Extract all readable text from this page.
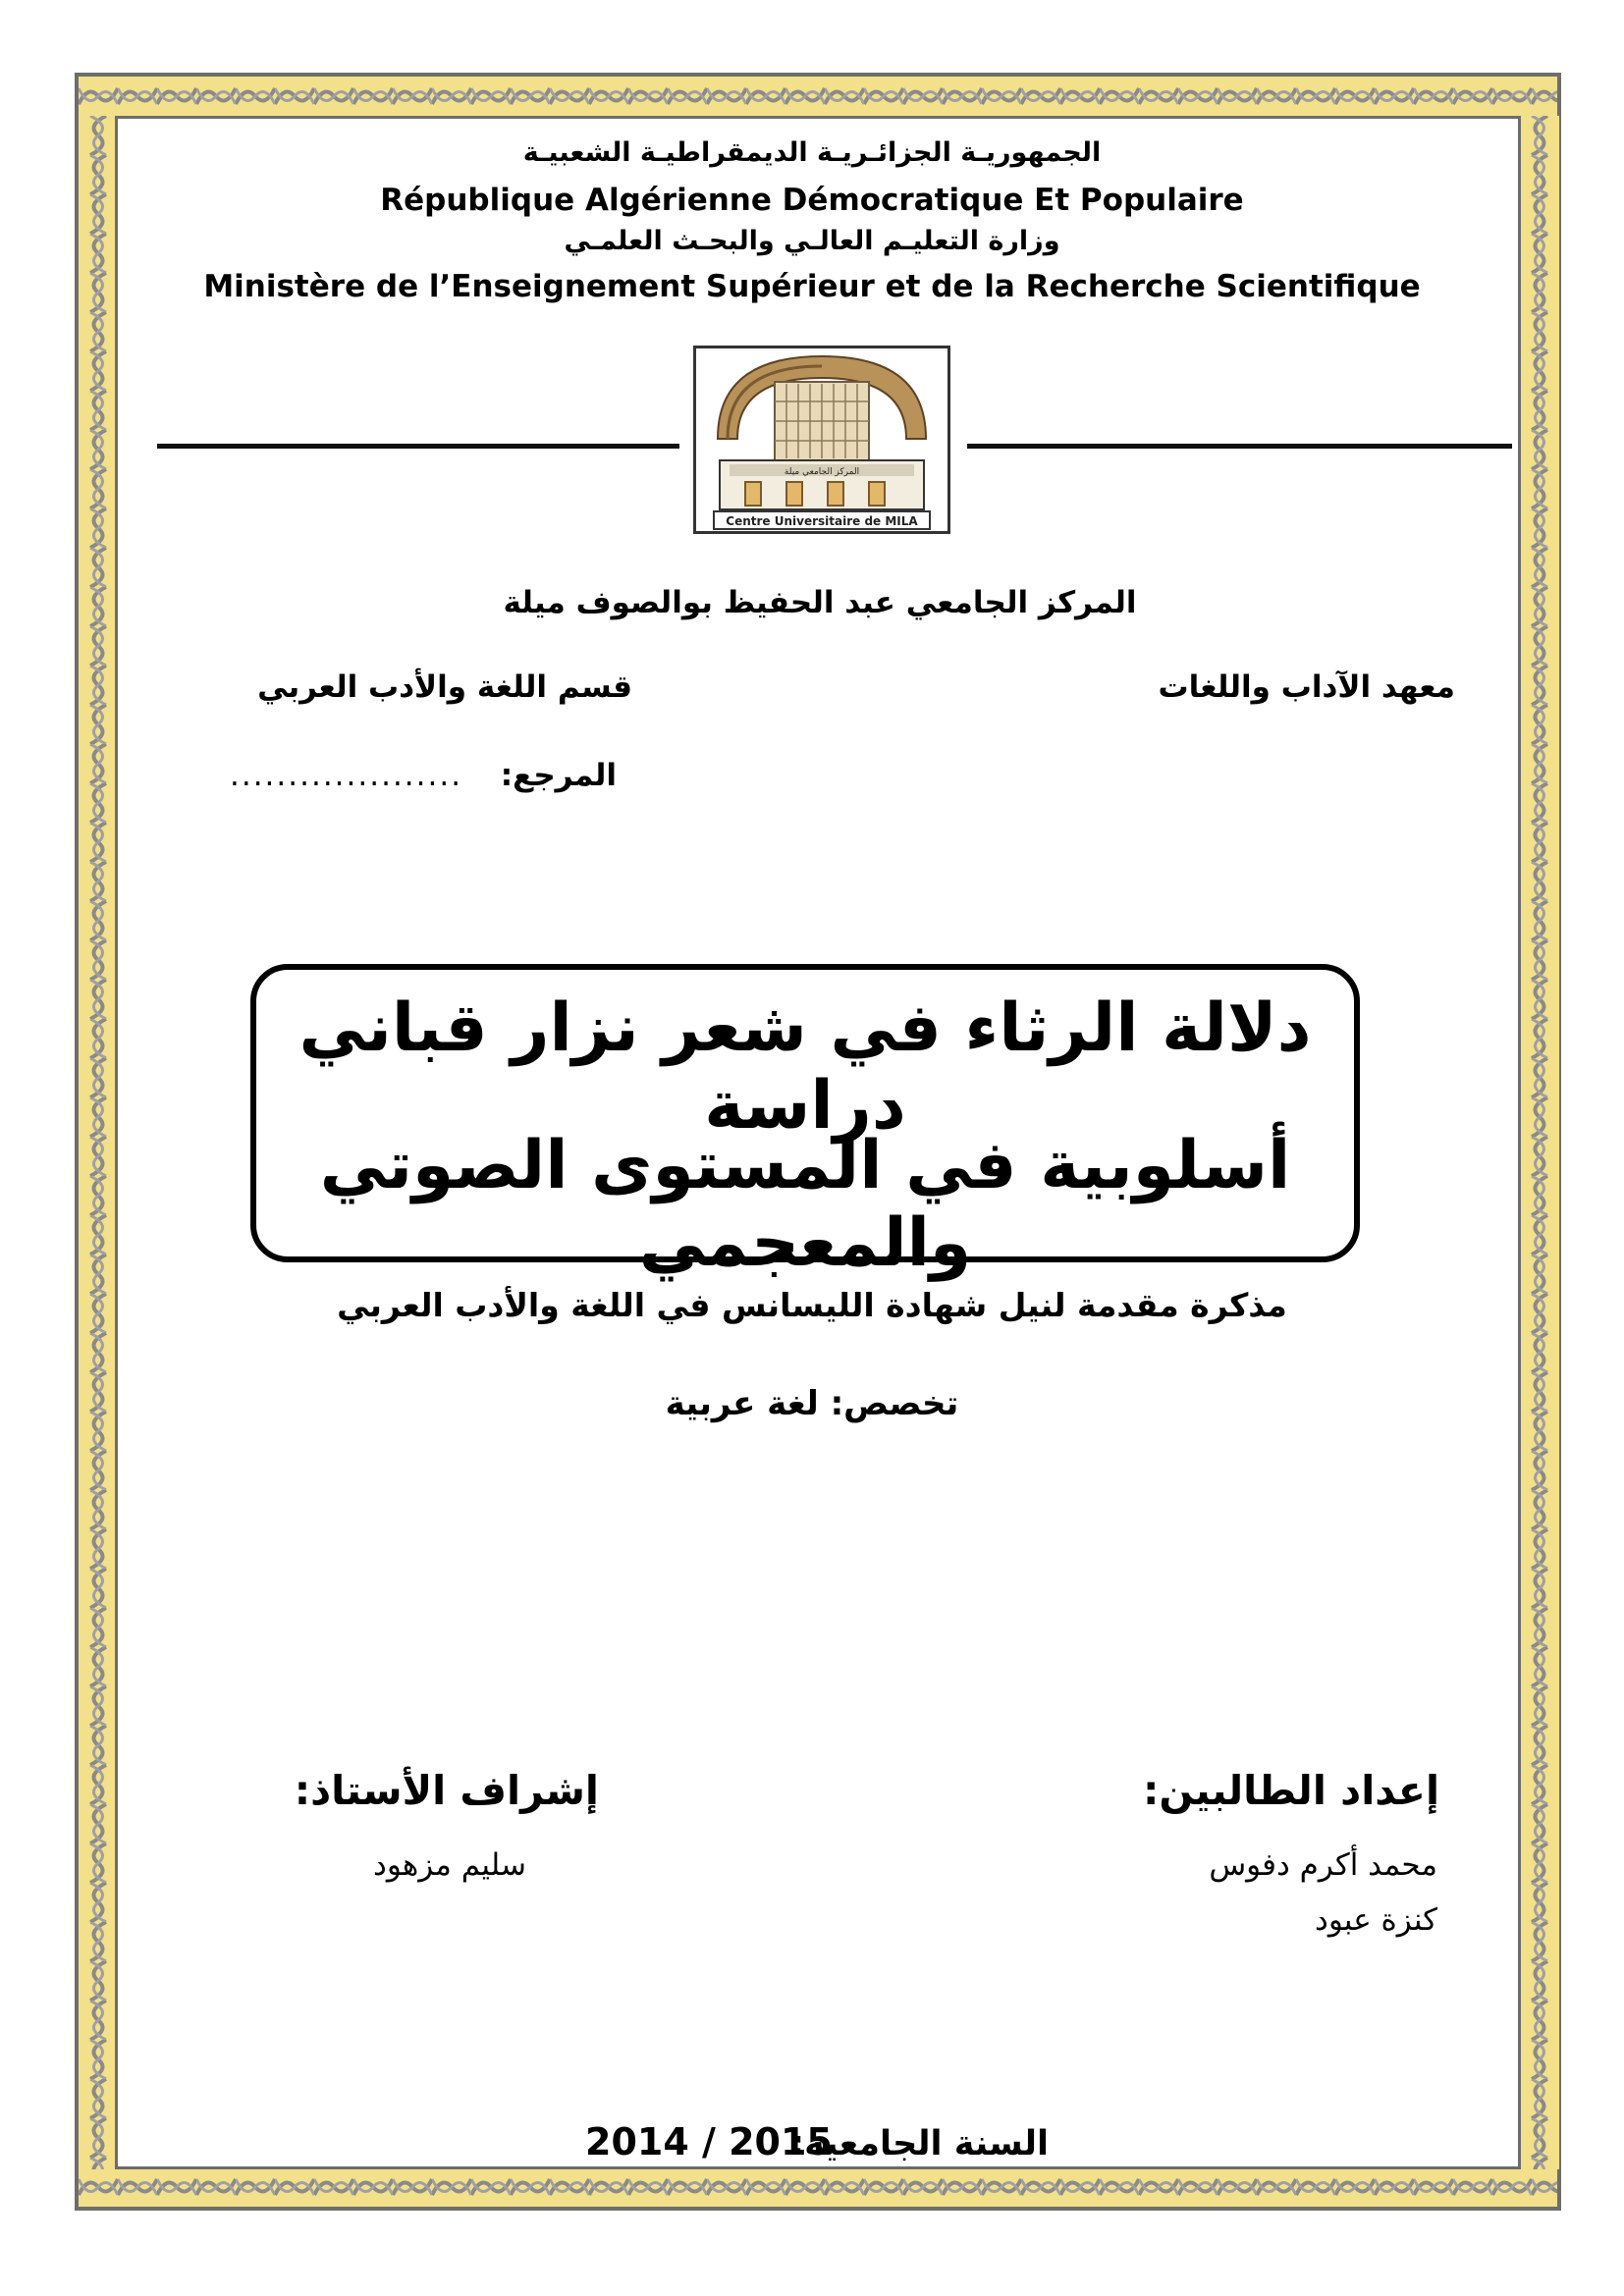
الجمهوريـة الجزائـريـة الديمقراطيـة الشعبيـة
République Algérienne Démocratique Et Populaire
وزارة التعليـم العالـي والبحـث العلمـي
Ministère de l’Enseignement Supérieur et de la Recherche Scientifique
المركز الجامعي ميلة
Centre Universitaire de MILA
المركز الجامعي عبد الحفيظ بوالصوف ميلة
معهد الآداب واللغات
قسم اللغة والأدب العربي
المرجع:
....................
دلالة الرثاء في شعر نزار قباني دراسة
أسلوبية في المستوى الصوتي والمعجمي
مذكرة مقدمة لنيل شهادة الليسانس في اللغة والأدب العربي
تخصص: لغة عربية
إعداد الطالبين:
محمد أكرم دفوس
كنزة عبود
إشراف الأستاذ:
سليم مزهود
السنة الجامعية:
2014 / 2015
